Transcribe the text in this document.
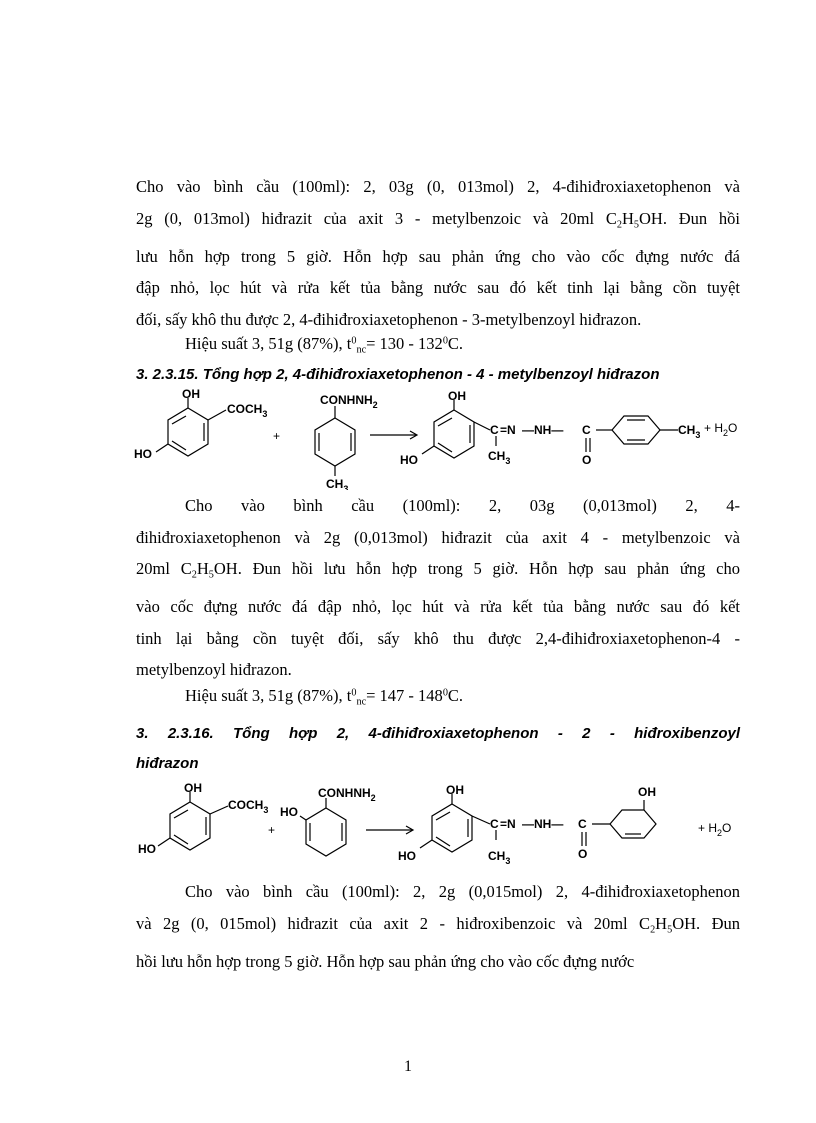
Cho vào bình cầu (100ml): 2, 03g (0, 013mol) 2, 4-đihiđroxiaxetophenon và
2g (0, 013mol) hiđrazit của axit 3 - metylbenzoic và 20ml $C_2H_5OH$. Đun hồi
lưu hỗn hợp trong 5 giờ. Hỗn hợp sau phản ứng cho vào cốc đựng nước đá
đập nhỏ, lọc hút và rửa kết tủa bằng nước sau đó kết tinh lại bằng cồn tuyệt
đối, sấy khô thu được 2, 4-đihiđroxiaxetophenon - 3-metylbenzoyl hiđrazon.
Hiệu suất 3, 51g (87%), $t^0_{nc}= 130 - 132^0C$.
3. 2.3.15. Tổng hợp 2, 4-đihiđroxiaxetophenon - 4 - metylbenzoyl hiđrazon
OH
$COCH_3$
HO
+
$CONHNH_2$
$CH_3$
OH
HO
C =N —NH— C
$CH_3$	O
$CH_3 + H_2O$
Cho vào bình cầu (100ml): 2, 03g (0,013mol) 2, 4-
đihiđroxiaxetophenon và 2g (0,013mol) hiđrazit của axit 4 - metylbenzoic và
20ml $C_2H_5OH$. Đun hồi lưu hỗn hợp trong 5 giờ. Hỗn hợp sau phản ứng cho
vào cốc đựng nước đá đập nhỏ, lọc hút và rửa kết tủa bằng nước sau đó kết
tinh lại bằng cồn tuyệt đối, sấy khô thu được 2,4-đihiđroxiaxetophenon-4 -
metylbenzoyl hiđrazon.
Hiệu suất 3, 51g (87%), $t^0_{nc}= 147 - 148^0C$.
3. 2.3.16. Tổng hợp 2, 4-đihiđroxiaxetophenon - 2 - hiđroxibenzoyl
hiđrazon
OH
$COCH_3$
HO
+
HO
$CONHNH_2$
OH
HO
C =N —NH— C
$CH_3$	O
OH
+ $H_2O$
Cho vào bình cầu (100ml): 2, 2g (0,015mol) 2, 4-đihiđroxiaxetophenon
và 2g (0, 015mol) hiđrazit của axit 2 - hiđroxibenzoic và 20ml $C_2H_5OH$. Đun
hồi lưu hỗn hợp trong 5 giờ. Hỗn hợp sau phản ứng cho vào cốc đựng nước
1
